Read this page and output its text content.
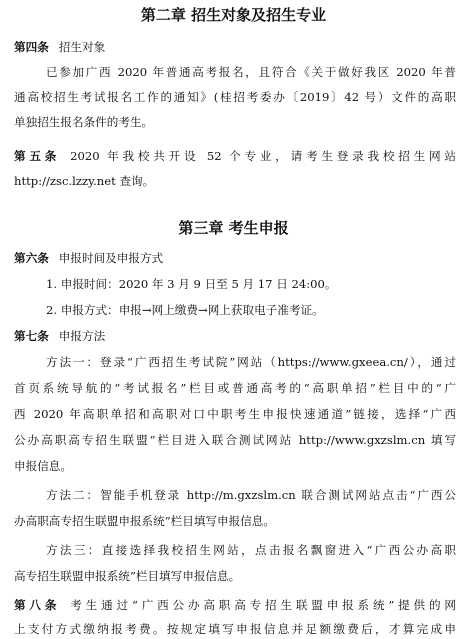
第二章 招生对象及招生专业
第四条 招生对象
已参加广西 2020 年普通高考报名，且符合《关于做好我区 2020 年普
通高校招生考试报名工作的通知》(桂招考委办〔2019〕42 号）文件的高职
单独招生报名条件的考生。
第五条 2020 年我校共开设 52 个专业，请考生登录我校招生网站
http://zsc.lzzy.net 查询。
第三章 考生申报
第六条 申报时间及申报方式
1. 申报时间：2020 年 3 月 9 日至 5 月 17 日 24:00。
2. 申报方式：申报→网上缴费→网上获取电子准考证。
第七条 申报方法
方法一：登录“广西招生考试院”网站（https://www.gxeea.cn/），通过
首页系统导航的“考试报名”栏目或普通高考的“高职单招”栏目中的“广
西 2020 年高职单招和高职对口中职考生申报快速通道”链接，选择“广西
公办高职高专招生联盟”栏目进入联合测试网站 http://www.gxzslm.cn 填写
申报信息。
方法二：智能手机登录 http://m.gxzslm.cn 联合测试网站点击“广西公
办高职高专招生联盟申报系统”栏目填写申报信息。
方法三：直接选择我校招生网站，点击报名飘窗进入“广西公办高职
高专招生联盟申报系统”栏目填写申报信息。
第八条 考生通过“广西公办高职高专招生联盟申报系统”提供的网
上支付方式缴纳报考费。按规定填写申报信息并足额缴费后，才算完成申
